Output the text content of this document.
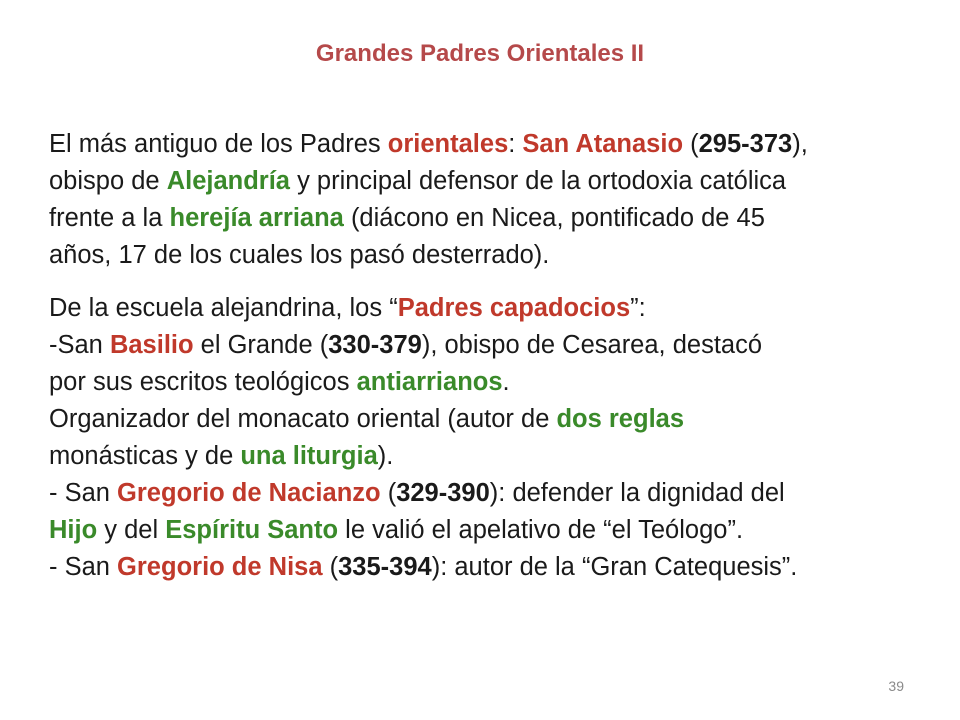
Grandes Padres Orientales II

El más antiguo de los Padres orientales: San Atanasio (295-373),
obispo de Alejandría y principal defensor de la ortodoxia católica
frente a la herejía arriana (diácono en Nicea, pontificado de 45
años, 17 de los cuales los pasó desterrado).

De la escuela alejandrina, los “Padres capadocios”:
-San Basilio el Grande (330-379), obispo de Cesarea, destacó
por sus escritos teológicos antiarrianos.
Organizador del monacato oriental (autor de dos reglas
monásticas y de una liturgia).
- San Gregorio de Nacianzo (329-390): defender la dignidad del
Hijo y del Espíritu Santo le valió el apelativo de “el Teólogo”.
- San Gregorio de Nisa (335-394): autor de la “Gran Catequesis”.

39
